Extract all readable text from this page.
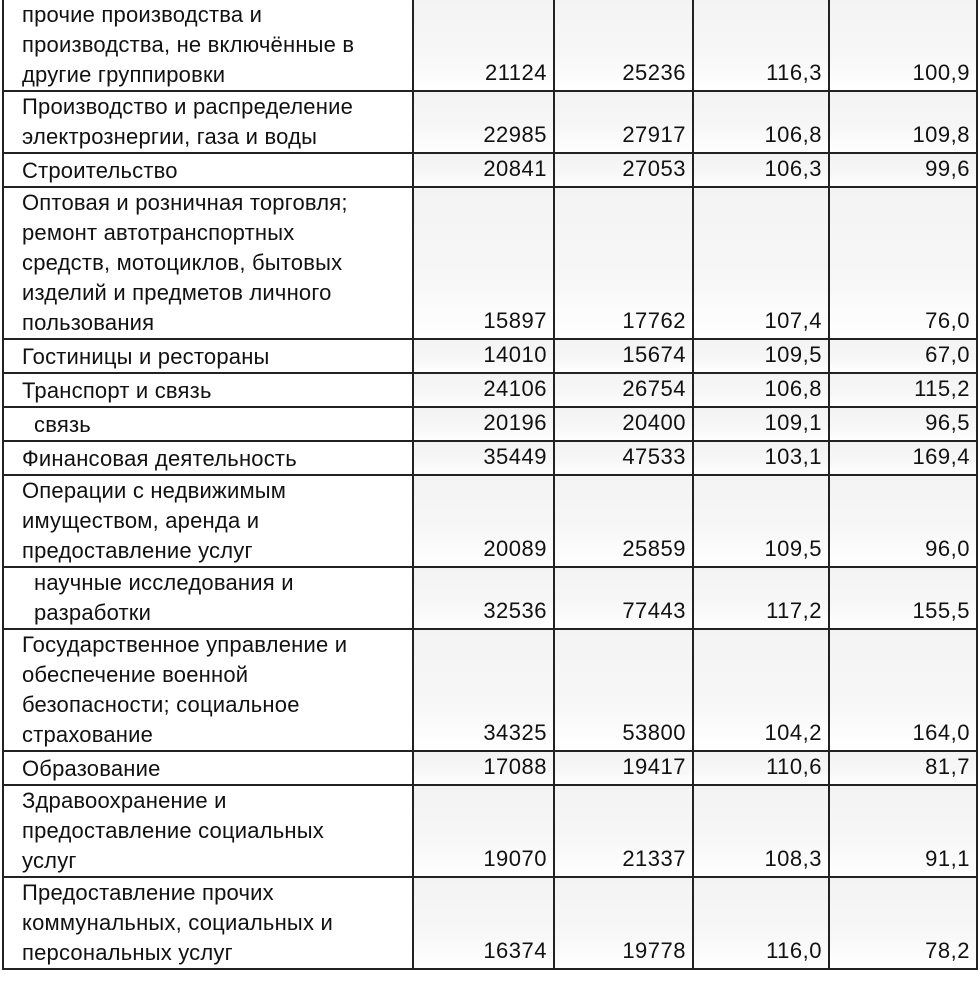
прочие производства и
производства, не включённые в
другие группировки	21124	25236	116,3	100,9

Производство и распределение
электрознергии, газа и воды	22985	27917	106,8	109,8

Строительство	20841	27053	106,3	99,6

Оптовая и розничная торговля;
ремонт автотранспортных
средств, мотоциклов, бытовых
изделий и предметов личного
пользования	15897	17762	107,4	76,0

Гостиницы и рестораны	14010	15674	109,5	67,0

Транспорт и связь	24106	26754	106,8	115,2

связь	20196	20400	109,1	96,5

Финансовая деятельность	35449	47533	103,1	169,4

Операции с недвижимым
имуществом, аренда и
предоставление услуг	20089	25859	109,5	96,0

научные исследования и
разработки	32536	77443	117,2	155,5

Государственное управление и
обеспечение военной
безопасности; социальное
страхование	34325	53800	104,2	164,0

Образование	17088	19417	110,6	81,7

Здравоохранение и
предоставление социальных
услуг	19070	21337	108,3	91,1

Предоставление прочих
коммунальных, социальных и
персональных услуг	16374	19778	116,0	78,2
